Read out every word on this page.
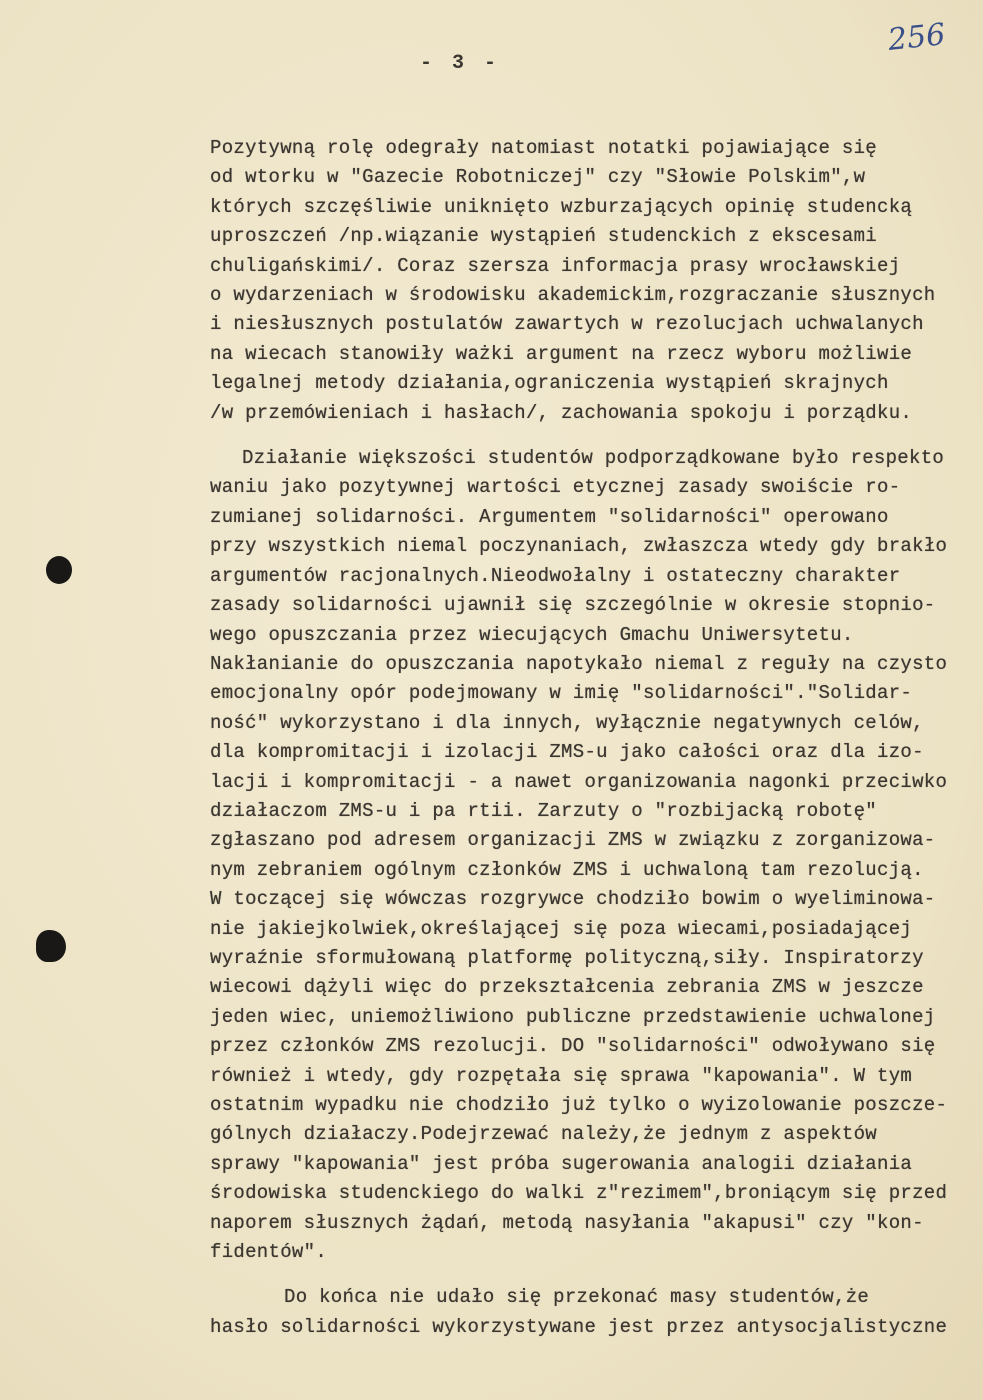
- 3 -
256
Pozytywną rolę odegrały natomiast notatki pojawiające się
od wtorku w "Gazecie Robotniczej" czy "Słowie Polskim",w
których szczęśliwie uniknięto wzburzających opinię studencką
uproszczeń /np.wiązanie wystąpień studenckich z ekscesami
chuligańskimi/. Coraz szersza informacja prasy wrocławskiej
o wydarzeniach w środowisku akademickim,rozgraczanie słusznych
i niesłusznych postulatów zawartych w rezolucjach uchwalanych
na wiecach stanowiły ważki argument na rzecz wyboru możliwie
legalnej metody działania,ograniczenia wystąpień skrajnych
/w przemówieniach i hasłach/, zachowania spokoju i porządku.
Działanie większości studentów podporządkowane było respekto
waniu jako pozytywnej wartości etycznej zasady swoiście ro-
zumianej solidarności. Argumentem "solidarności" operowano
przy wszystkich niemal poczynaniach, zwłaszcza wtedy gdy brakło
argumentów racjonalnych.Nieodwołalny i ostateczny charakter
zasady solidarności ujawnił się szczególnie w okresie stopnio-
wego opuszczania przez wiecujących Gmachu Uniwersytetu.
Nakłanianie do opuszczania napotykało niemal z reguły na czysto
emocjonalny opór podejmowany w imię "solidarności"."Solidar-
ność" wykorzystano i dla innych, wyłącznie negatywnych celów,
dla kompromitacji i izolacji ZMS-u jako całości oraz dla izo-
lacji i kompromitacji - a nawet organizowania nagonki przeciwko
działaczom ZMS-u i pa rtii. Zarzuty o "rozbijacką robotę"
zgłaszano pod adresem organizacji ZMS w związku z zorganizowa-
nym zebraniem ogólnym członków ZMS i uchwaloną tam rezolucją.
W toczącej się wówczas rozgrywce chodziło bowim o wyeliminowa-
nie jakiejkolwiek,określającej się poza wiecami,posiadającej
wyraźnie sformułowaną platformę polityczną,siły. Inspiratorzy
wiecowi dążyli więc do przekształcenia zebrania ZMS w jeszcze
jeden wiec, uniemożliwiono publiczne przedstawienie uchwalonej
przez członków ZMS rezolucji. DO "solidarności" odwoływano się
również i wtedy, gdy rozpętała się sprawa "kapowania". W tym
ostatnim wypadku nie chodziło już tylko o wyizolowanie poszcze-
gólnych działaczy.Podejrzewać należy,że jednym z aspektów
sprawy "kapowania" jest próba sugerowania analogii działania
środowiska studenckiego do walki z"rezimem",broniącym się przed
naporem słusznych żądań, metodą nasyłania "akapusi" czy "kon-
fidentów".
Do końca nie udało się przekonać masy studentów,że
hasło solidarności wykorzystywane jest przez antysocjalistyczne
